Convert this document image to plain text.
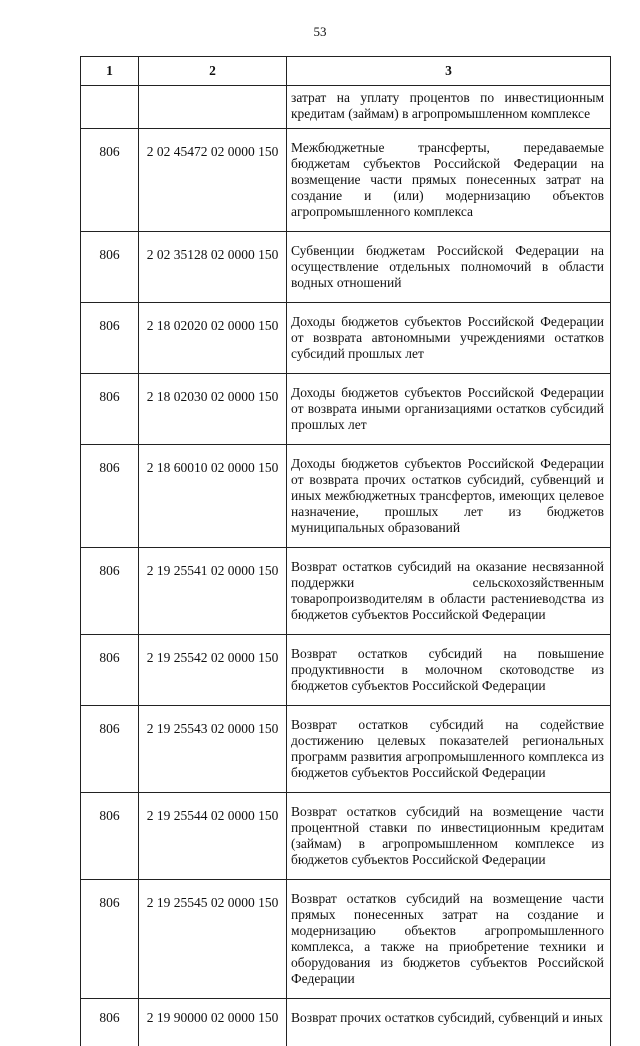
53
1	2	3
		затрат на уплату процентов по инвестиционным кредитам (займам) в агропромышленном комплексе
806	2 02 45472 02 0000 150	Межбюджетные трансферты, передаваемые бюджетам субъектов Российской Федерации на возмещение части прямых понесенных затрат на создание и (или) модернизацию объектов агропромышленного комплекса
806	2 02 35128 02 0000 150	Субвенции бюджетам Российской Федерации на осуществление отдельных полномочий в области водных отношений
806	2 18 02020 02 0000 150	Доходы бюджетов субъектов Российской Федерации от возврата автономными учреждениями остатков субсидий прошлых лет
806	2 18 02030 02 0000 150	Доходы бюджетов субъектов Российской Федерации от возврата иными организациями остатков субсидий прошлых лет
806	2 18 60010 02 0000 150	Доходы бюджетов субъектов Российской Федерации от возврата прочих остатков субсидий, субвенций и иных межбюджетных трансфертов, имеющих целевое назначение, прошлых лет из бюджетов муниципальных образований
806	2 19 25541 02 0000 150	Возврат остатков субсидий на оказание несвязанной поддержки сельскохозяйственным товаропроизводителям в области растениеводства из бюджетов субъектов Российской Федерации
806	2 19 25542 02 0000 150	Возврат остатков субсидий на повышение продуктивности в молочном скотоводстве из бюджетов субъектов Российской Федерации
806	2 19 25543 02 0000 150	Возврат остатков субсидий на содействие достижению целевых показателей региональных программ развития агропромышленного комплекса из бюджетов субъектов Российской Федерации
806	2 19 25544 02 0000 150	Возврат остатков субсидий на возмещение части процентной ставки по инвестиционным кредитам (займам) в агропромышленном комплексе из бюджетов субъектов Российской Федерации
806	2 19 25545 02 0000 150	Возврат остатков субсидий на возмещение части прямых понесенных затрат на создание и модернизацию объектов агропромышленного комплекса, а также на приобретение техники и оборудования из бюджетов субъектов Российской Федерации
806	2 19 90000 02 0000 150	Возврат прочих остатков субсидий, субвенций и иных
